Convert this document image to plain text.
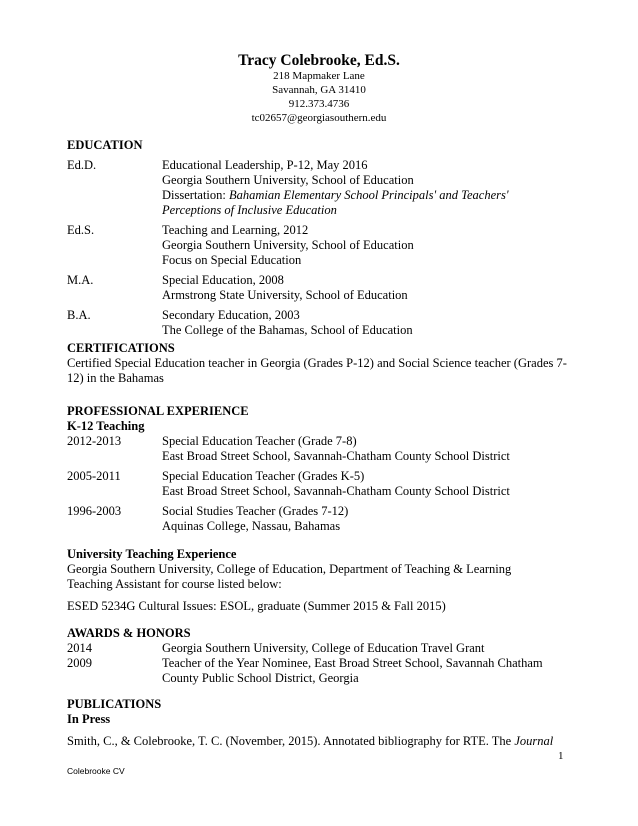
Tracy Colebrooke, Ed.S.
218 Mapmaker Lane
Savannah, GA 31410
912.373.4736
tc02657@georgiasouthern.edu
EDUCATION
Ed.D.	Educational Leadership, P-12, May 2016
Georgia Southern University, School of Education
Dissertation: Bahamian Elementary School Principals' and Teachers'
Perceptions of Inclusive Education
Ed.S.	Teaching and Learning, 2012
Georgia Southern University, School of Education
Focus on Special Education
M.A.	Special Education, 2008
Armstrong State University, School of Education
B.A.	Secondary Education, 2003
The College of the Bahamas, School of Education
CERTIFICATIONS
Certified Special Education teacher in Georgia (Grades P-12) and Social Science teacher (Grades 7-
12) in the Bahamas
PROFESSIONAL EXPERIENCE
K-12 Teaching
2012-2013	Special Education Teacher (Grade 7-8)
East Broad Street School, Savannah-Chatham County School District
2005-2011	Special Education Teacher (Grades K-5)
East Broad Street School, Savannah-Chatham County School District
1996-2003	Social Studies Teacher (Grades 7-12)
Aquinas College, Nassau, Bahamas
University Teaching Experience
Georgia Southern University, College of Education, Department of Teaching & Learning
Teaching Assistant for course listed below:
ESED 5234G Cultural Issues: ESOL, graduate (Summer 2015 & Fall 2015)
AWARDS & HONORS
2014	Georgia Southern University, College of Education Travel Grant
2009	Teacher of the Year Nominee, East Broad Street School, Savannah Chatham
County Public School District, Georgia
PUBLICATIONS
In Press
Smith, C., & Colebrooke, T. C. (November, 2015). Annotated bibliography for RTE. The Journal
1
Colebrooke CV
